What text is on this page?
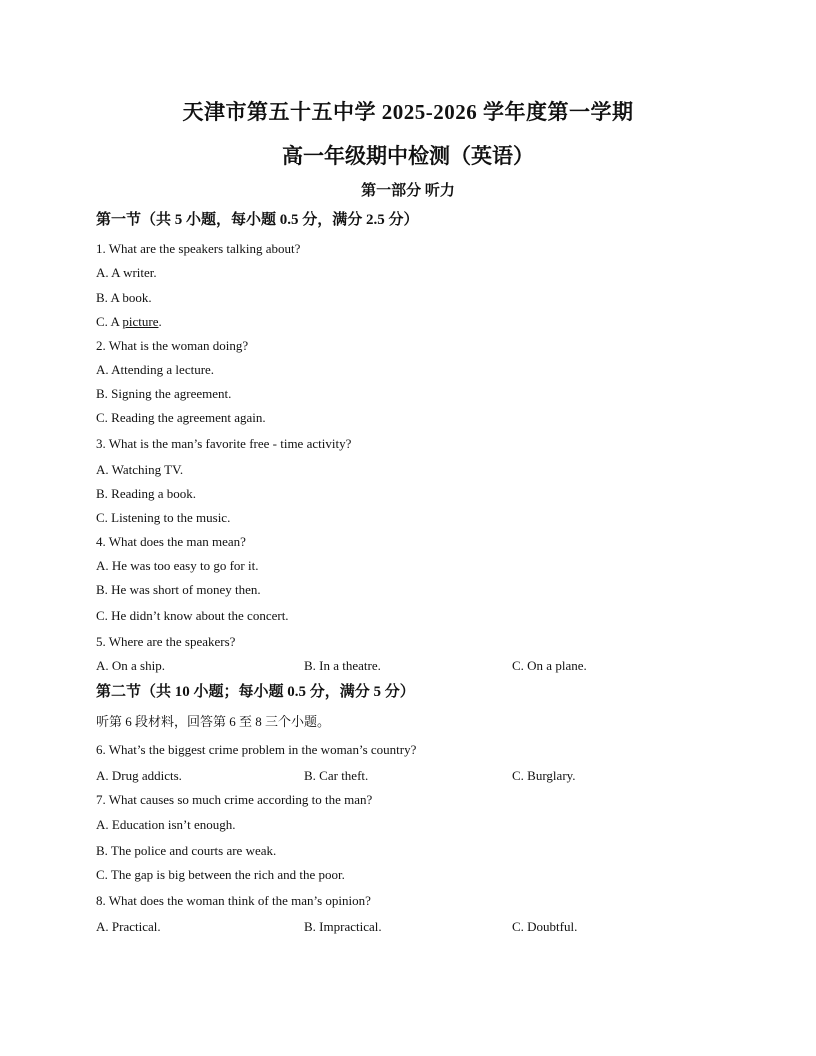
天津市第五十五中学 2025-2026 学年度第一学期
高一年级期中检测（英语）
第一部分 听力
第一节（共 5 小题，每小题 0.5 分，满分 2.5 分）
1. What are the speakers talking about?
A. A writer.
B. A book.
C. A picture.
2. What is the woman doing?
A. Attending a lecture.
B. Signing the agreement.
C. Reading the agreement again.
3. What is the man’s favorite free - time activity?
A. Watching TV.
B. Reading a book.
C. Listening to the music.
4. What does the man mean?
A. He was too easy to go for it.
B. He was short of money then.
C. He didn’t know about the concert.
5. Where are the speakers?
A. On a ship.	B. In a theatre.	C. On a plane.
第二节（共 10 小题；每小题 0.5 分，满分 5 分）
听第 6 段材料，回答第 6 至 8 三个小题。
6. What’s the biggest crime problem in the woman’s country?
A. Drug addicts.	B. Car theft.	C. Burglary.
7. What causes so much crime according to the man?
A. Education isn’t enough.
B. The police and courts are weak.
C. The gap is big between the rich and the poor.
8. What does the woman think of the man’s opinion?
A. Practical.	B. Impractical.	C. Doubtful.
